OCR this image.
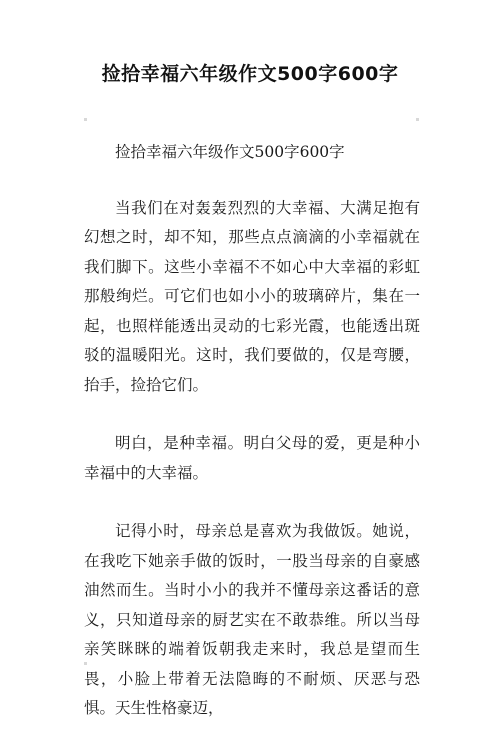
捡拾幸福六年级作文500字600字

捡拾幸福六年级作文500字600字

当我们在对轰轰烈烈的大幸福、大满足抱有幻想之时，却不知，那些点点滴滴的小幸福就在我们脚下。这些小幸福不不如心中大幸福的彩虹那般绚烂。可它们也如小小的玻璃碎片，集在一起，也照样能透出灵动的七彩光霞，也能透出斑驳的温暖阳光。这时，我们要做的，仅是弯腰，抬手，捡拾它们。

明白，是种幸福。明白父母的爱，更是种小幸福中的大幸福。

记得小时，母亲总是喜欢为我做饭。她说，在我吃下她亲手做的饭时，一股当母亲的自豪感油然而生。当时小小的我并不懂母亲这番话的意义，只知道母亲的厨艺实在不敢恭维。所以当母亲笑眯眯的端着饭朝我走来时，我总是望而生畏，小脸上带着无法隐晦的不耐烦、厌恶与恐惧。天生性格豪迈，
